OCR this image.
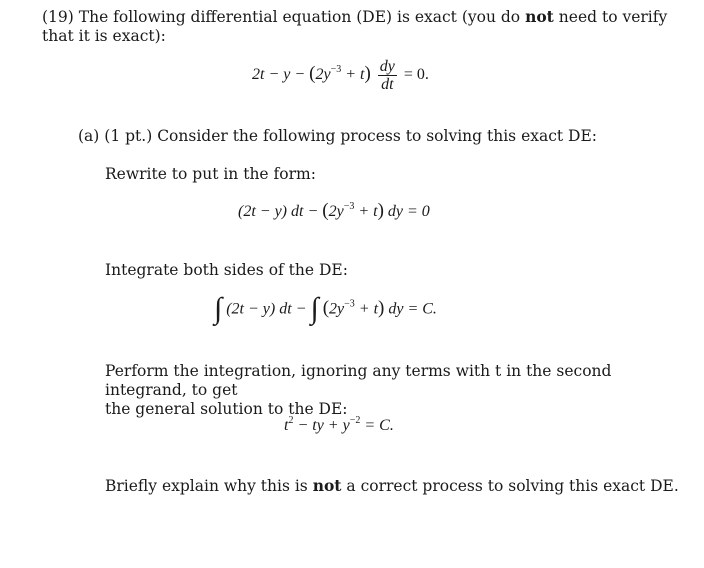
(19) The following differential equation (DE) is exact (you do not need to verify that it is exact):
$2t - y - (2y^{-3} + t) \frac{dy}{dt} = 0$.
(a) (1 pt.) Consider the following process to solving this exact DE:
Rewrite to put in the form:
(2t − y) dt − $(2y^{-3} + t)$ dy = 0
Integrate both sides of the DE:
∫ (2t − y) dt − ∫ $(2y^{-3} + t)$ dy = C.
Perform the integration, ignoring any terms with t in the second integrand, to get
the general solution to the DE:
$t^2$ − ty + $y^{-2} = C$.
Briefly explain why this is not a correct process to solving this exact DE.
